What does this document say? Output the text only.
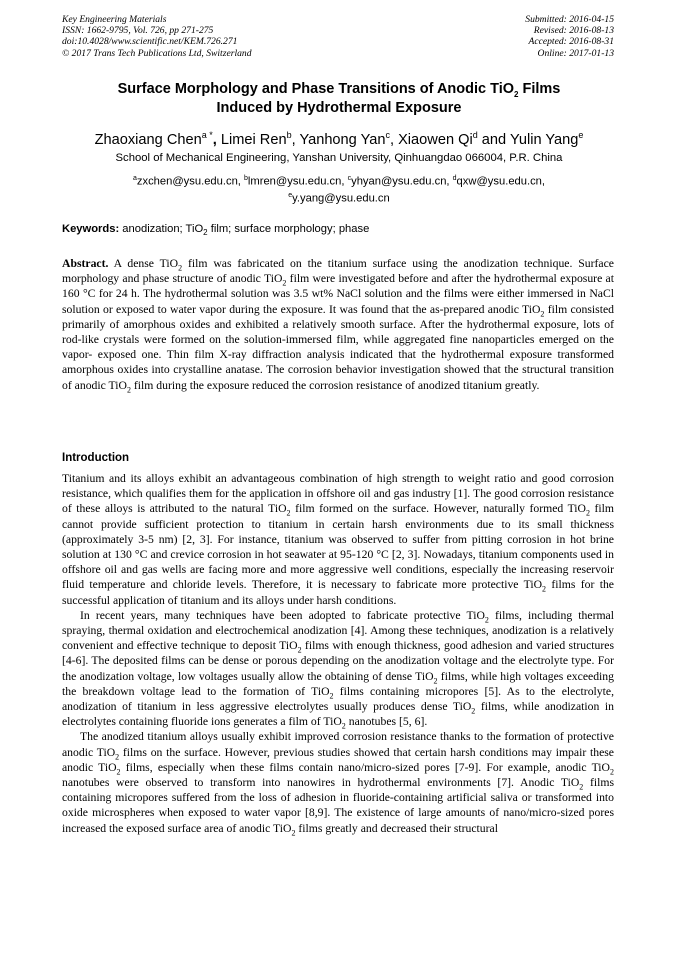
Key Engineering Materials
ISSN: 1662-9795, Vol. 726, pp 271-275
doi:10.4028/www.scientific.net/KEM.726.271
© 2017 Trans Tech Publications Ltd, Switzerland
Submitted: 2016-04-15
Revised: 2016-08-13
Accepted: 2016-08-31
Online: 2017-01-13
Surface Morphology and Phase Transitions of Anodic TiO$_2$ Films
Induced by Hydrothermal Exposure
Zhaoxiang Chen$^{a *}$, Limei Ren$^b$, Yanhong Yan$^c$, Xiaowen Qi$^d$ and Yulin Yang$^e$
School of Mechanical Engineering, Yanshan University, Qinhuangdao 066004, P.R. China
$^a$zxchen@ysu.edu.cn, $^b$lmren@ysu.edu.cn, $^c$yhyan@ysu.edu.cn, $^d$qxw@ysu.edu.cn,
$^e$y.yang@ysu.edu.cn
Keywords: anodization; TiO$_2$ film; surface morphology; phase

Abstract. A dense TiO$_2$ film was fabricated on the titanium surface using the anodization technique. Surface morphology and phase structure of anodic TiO$_2$ film were investigated before and after the hydrothermal exposure at 160 °C for 24 h. The hydrothermal solution was 3.5 wt% NaCl solution and the films were either immersed in NaCl solution or exposed to water vapor during the exposure. It was found that the as-prepared anodic TiO$_2$ film consisted primarily of amorphous oxides and exhibited a relatively smooth surface. After the hydrothermal exposure, lots of rod-like crystals were formed on the solution-immersed film, while aggregated fine nanoparticles emerged on the vapor- exposed one. Thin film X-ray diffraction analysis indicated that the hydrothermal exposure transformed amorphous oxides into crystalline anatase. The corrosion behavior investigation showed that the structural transition of anodic TiO$_2$ film during the exposure reduced the corrosion resistance of anodized titanium greatly.

Introduction

Titanium and its alloys exhibit an advantageous combination of high strength to weight ratio and good corrosion resistance, which qualifies them for the application in offshore oil and gas industry [1]. The good corrosion resistance of these alloys is attributed to the natural TiO$_2$ film formed on the surface. However, naturally formed TiO$_2$ film cannot provide sufficient protection to titanium in certain harsh environments due to its small thickness (approximately 3-5 nm) [2, 3]. For instance, titanium was observed to suffer from pitting corrosion in hot brine solution at 130 °C and crevice corrosion in hot seawater at 95-120 °C [2, 3]. Nowadays, titanium components used in offshore oil and gas wells are facing more and more aggressive well conditions, especially the increasing reservoir fluid temperature and chloride levels. Therefore, it is necessary to fabricate more protective TiO$_2$ films for the successful application of titanium and its alloys under harsh conditions.

In recent years, many techniques have been adopted to fabricate protective TiO$_2$ films, including thermal spraying, thermal oxidation and electrochemical anodization [4]. Among these techniques, anodization is a relatively convenient and effective technique to deposit TiO$_2$ films with enough thickness, good adhesion and varied structures [4-6]. The deposited films can be dense or porous depending on the anodization voltage and the electrolyte type. For the anodization voltage, low voltages usually allow the obtaining of dense TiO$_2$ films, while high voltages exceeding the breakdown voltage lead to the formation of TiO$_2$ films containing micropores [5]. As to the electrolyte, anodization of titanium in less aggressive electrolytes usually produces dense TiO$_2$ films, while anodization in electrolytes containing fluoride ions generates a film of TiO$_2$ nanotubes [5, 6].

The anodized titanium alloys usually exhibit improved corrosion resistance thanks to the formation of protective anodic TiO$_2$ films on the surface. However, previous studies showed that certain harsh conditions may impair these anodic TiO$_2$ films, especially when these films contain nano/micro-sized pores [7-9]. For example, anodic TiO$_2$ nanotubes were observed to transform into nanowires in hydrothermal environments [7]. Anodic TiO$_2$ films containing micropores suffered from the loss of adhesion in fluoride-containing artificial saliva or transformed into oxide microspheres when exposed to water vapor [8,9]. The existence of large amounts of nano/micro-sized pores increased the exposed surface area of anodic TiO$_2$ films greatly and decreased their structural
